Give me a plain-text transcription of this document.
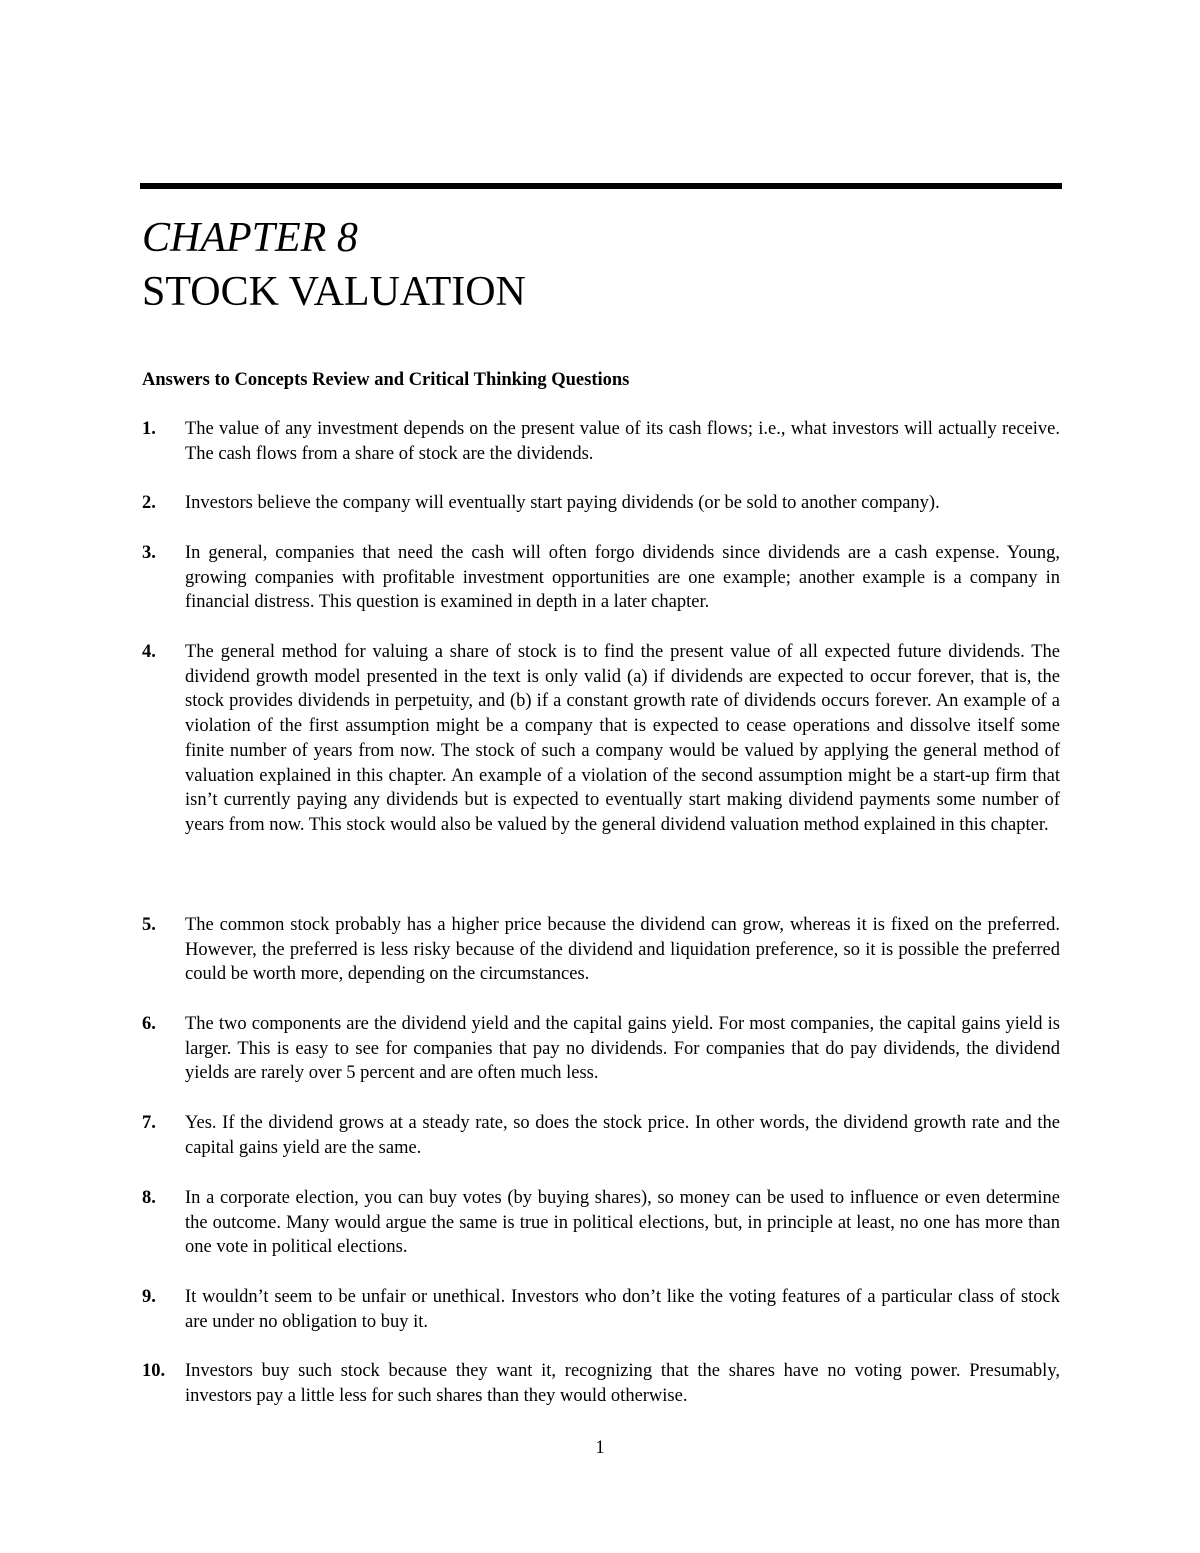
CHAPTER 8
STOCK VALUATION
Answers to Concepts Review and Critical Thinking Questions
1.	The value of any investment depends on the present value of its cash flows; i.e., what investors will actually receive. The cash flows from a share of stock are the dividends.
2.	Investors believe the company will eventually start paying dividends (or be sold to another company).
3.	In general, companies that need the cash will often forgo dividends since dividends are a cash expense. Young, growing companies with profitable investment opportunities are one example; another example is a company in financial distress. This question is examined in depth in a later chapter.
4.	The general method for valuing a share of stock is to find the present value of all expected future dividends. The dividend growth model presented in the text is only valid (a) if dividends are expected to occur forever, that is, the stock provides dividends in perpetuity, and (b) if a constant growth rate of dividends occurs forever. An example of a violation of the first assumption might be a company that is expected to cease operations and dissolve itself some finite number of years from now. The stock of such a company would be valued by applying the general method of valuation explained in this chapter. An example of a violation of the second assumption might be a start-up firm that isn’t currently paying any dividends but is expected to eventually start making dividend payments some number of years from now. This stock would also be valued by the general dividend valuation method explained in this chapter.
5.	The common stock probably has a higher price because the dividend can grow, whereas it is fixed on the preferred. However, the preferred is less risky because of the dividend and liquidation preference, so it is possible the preferred could be worth more, depending on the circumstances.
6.	The two components are the dividend yield and the capital gains yield. For most companies, the capital gains yield is larger. This is easy to see for companies that pay no dividends. For companies that do pay dividends, the dividend yields are rarely over 5 percent and are often much less.
7.	Yes. If the dividend grows at a steady rate, so does the stock price. In other words, the dividend growth rate and the capital gains yield are the same.
8.	In a corporate election, you can buy votes (by buying shares), so money can be used to influence or even determine the outcome. Many would argue the same is true in political elections, but, in principle at least, no one has more than one vote in political elections.
9.	It wouldn’t seem to be unfair or unethical. Investors who don’t like the voting features of a particular class of stock are under no obligation to buy it.
10.	Investors buy such stock because they want it, recognizing that the shares have no voting power. Presumably, investors pay a little less for such shares than they would otherwise.
1
